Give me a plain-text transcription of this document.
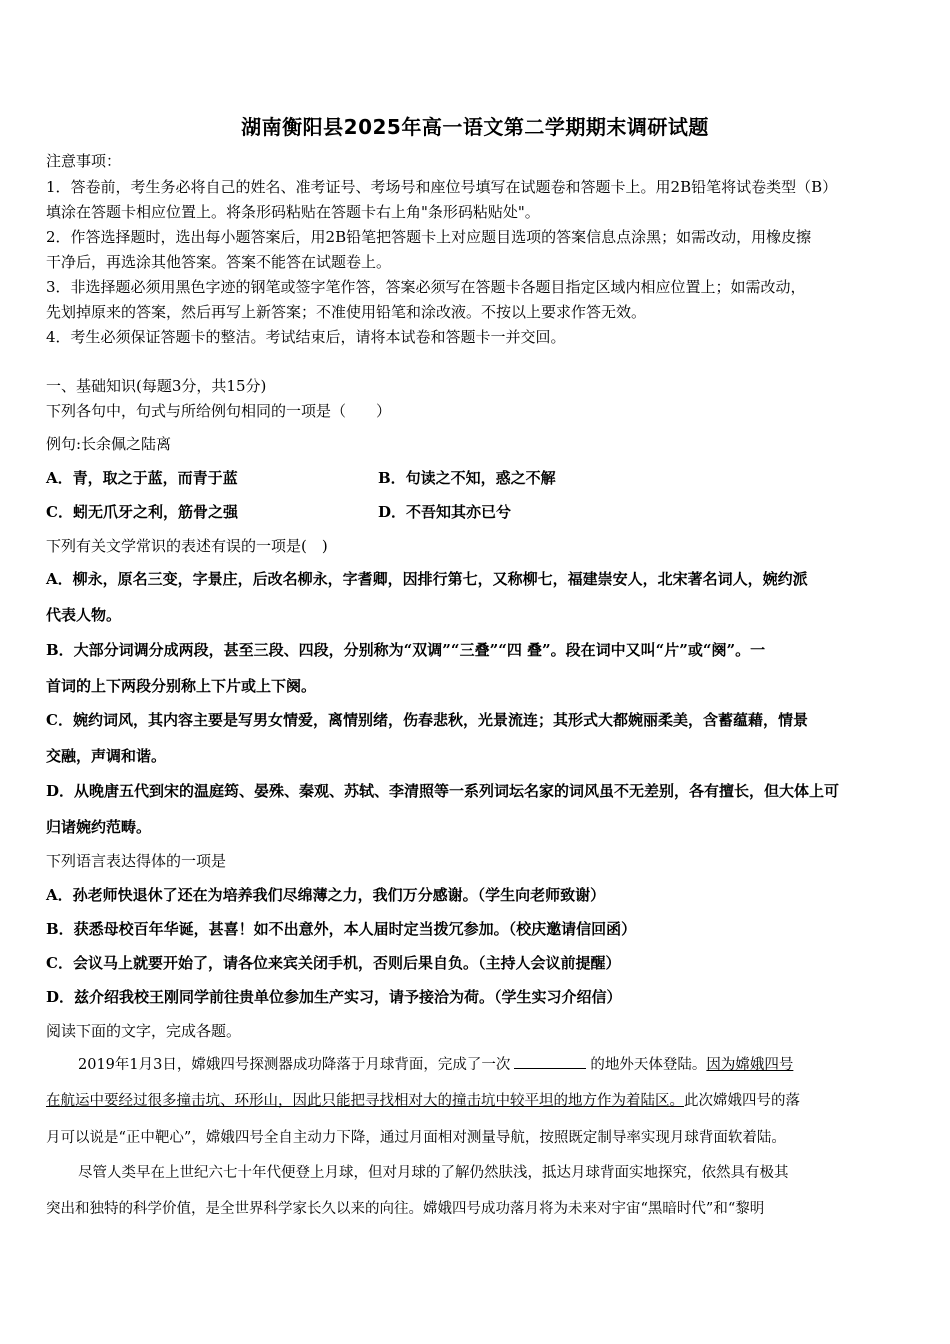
湖南衡阳县2025年高一语文第二学期期末调研试题
注意事项：
1．答卷前，考生务必将自己的姓名、准考证号、考场号和座位号填写在试题卷和答题卡上。用2B铅笔将试卷类型（B）
填涂在答题卡相应位置上。将条形码粘贴在答题卡右上角"条形码粘贴处"。
2．作答选择题时，选出每小题答案后，用2B铅笔把答题卡上对应题目选项的答案信息点涂黑；如需改动，用橡皮擦
干净后，再选涂其他答案。答案不能答在试题卷上。
3．非选择题必须用黑色字迹的钢笔或签字笔作答，答案必须写在答题卡各题目指定区域内相应位置上；如需改动，
先划掉原来的答案，然后再写上新答案；不准使用铅笔和涂改液。不按以上要求作答无效。
4．考生必须保证答题卡的整洁。考试结束后，请将本试卷和答题卡一并交回。
一、基础知识(每题3分，共15分)
下列各句中，句式与所给例句相同的一项是（　　）
例句:长余佩之陆离
A．青，取之于蓝，而青于蓝	B．句读之不知，惑之不解
C．蚓无爪牙之利，筋骨之强	D．不吾知其亦已兮
下列有关文学常识的表述有误的一项是(　)
A．柳永，原名三变，字景庄，后改名柳永，字耆卿，因排行第七，又称柳七，福建崇安人，北宋著名词人，婉约派
代表人物。
B．大部分词调分成两段，甚至三段、四段，分别称为“双调”“三叠”“四 叠”。段在词中又叫“片”或“阕”。一
首词的上下两段分别称上下片或上下阕。
C．婉约词风，其内容主要是写男女情爱，离情别绪，伤春悲秋，光景流连；其形式大都婉丽柔美，含蓄蕴藉，情景
交融，声调和谐。
D．从晚唐五代到宋的温庭筠、晏殊、秦观、苏轼、李清照等一系列词坛名家的词风虽不无差别，各有擅长，但大体上可
归诸婉约范畴。
下列语言表达得体的一项是
A．孙老师快退休了还在为培养我们尽绵薄之力，我们万分感谢。（学生向老师致谢）
B．获悉母校百年华诞，甚喜！如不出意外，本人届时定当拨冗参加。（校庆邀请信回函）
C．会议马上就要开始了，请各位来宾关闭手机，否则后果自负。（主持人会议前提醒）
D．兹介绍我校王刚同学前往贵单位参加生产实习，请予接洽为荷。（学生实习介绍信）
阅读下面的文字，完成各题。
2019年1月3日，嫦娥四号探测器成功降落于月球背面，完成了一次	的地外天体登陆。因为嫦娥四号
在航运中要经过很多撞击坑、环形山，因此只能把寻找相对大的撞击坑中较平坦的地方作为着陆区。此次嫦娥四号的落
月可以说是“正中靶心”，嫦娥四号全自主动力下降，通过月面相对测量导航，按照既定制导率实现月球背面软着陆。
尽管人类早在上世纪六七十年代便登上月球，但对月球的了解仍然肤浅，抵达月球背面实地探究，依然具有极其
突出和独特的科学价值，是全世界科学家长久以来的向往。嫦娥四号成功落月将为未来对宇宙“黑暗时代”和“黎明
